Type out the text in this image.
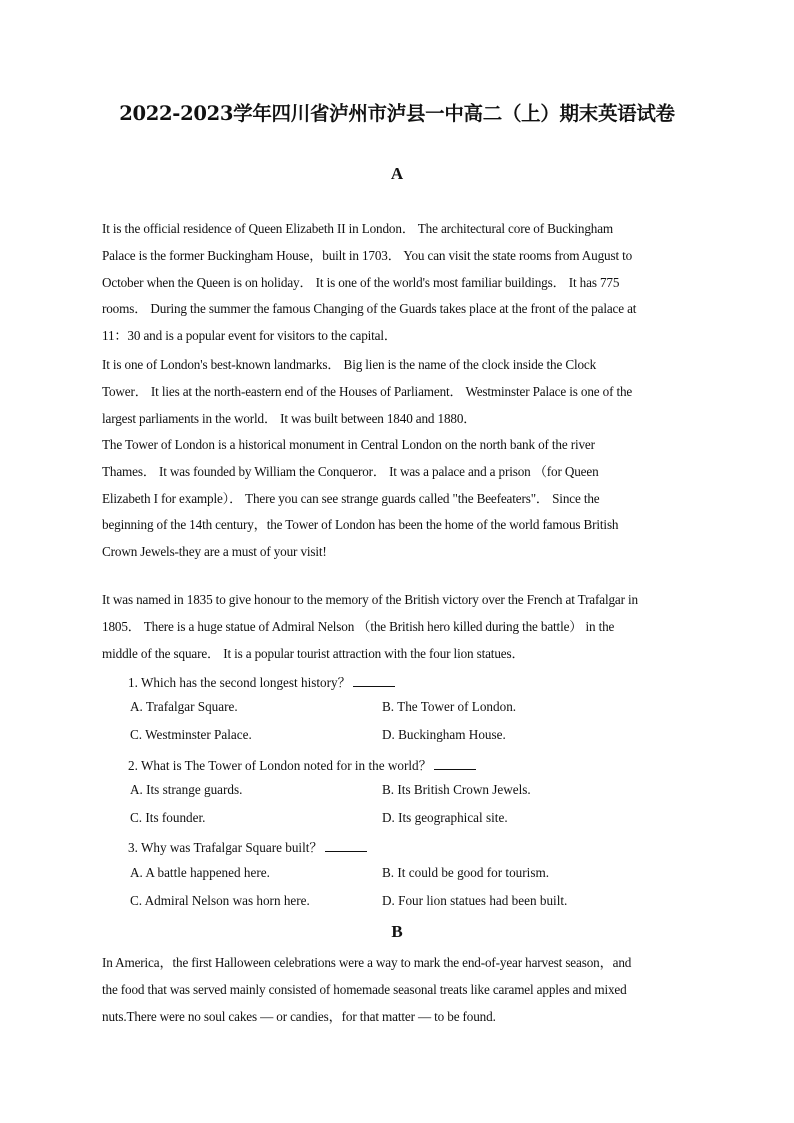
2022-2023学年四川省泸州市泸县一中高二（上）期末英语试卷
A
It is the official residence of Queen Elizabeth II in London． The architectural core of Buckingham
Palace is the former Buckingham House，built in 1703． You can visit the state rooms from August to
October when the Queen is on holiday． It is one of the world's most familiar buildings． It has 775
rooms． During the summer the famous Changing of the Guards takes place at the front of the palace at
11：30 and is a popular event for visitors to the capital．
It is one of London's best-known landmarks． Big lien is the name of the clock inside the Clock
Tower． It lies at the north-eastern end of the Houses of Parliament． Westminster Palace is one of the
largest parliaments in the world． It was built between 1840 and 1880．
The Tower of London is a historical monument in Central London on the north bank of the river
Thames． It was founded by William the Conqueror． It was a palace and a prison （for Queen
Elizabeth I for example）． There you can see strange guards called "the Beefeaters"． Since the
beginning of the 14th century，the Tower of London has been the home of the world famous British
Crown Jewels-they are a must of your visit!
It was named in 1835 to give honour to the memory of the British victory over the French at Trafalgar in
1805． There is a huge statue of Admiral Nelson （the British hero killed during the battle） in the
middle of the square． It is a popular tourist attraction with the four lion statues．

1. Which has the second longest history？

A. Trafalgar Square.	B. The Tower of London.

C. Westminster Palace.	D. Buckingham House.

2. What is The Tower of London noted for in the world？

A. Its strange guards.	B. Its British Crown Jewels.

C. Its founder.	D. Its geographical site.

3. Why was Trafalgar Square built？

A. A battle happened here.	B. It could be good for tourism.

C. Admiral Nelson was horn here.	D. Four lion statues had been built.

B
In America，the first Halloween celebrations were a way to mark the end-of-year harvest season，and
the food that was served mainly consisted of homemade seasonal treats like caramel apples and mixed
nuts.There were no soul cakes — or candies，for that matter — to be found.
